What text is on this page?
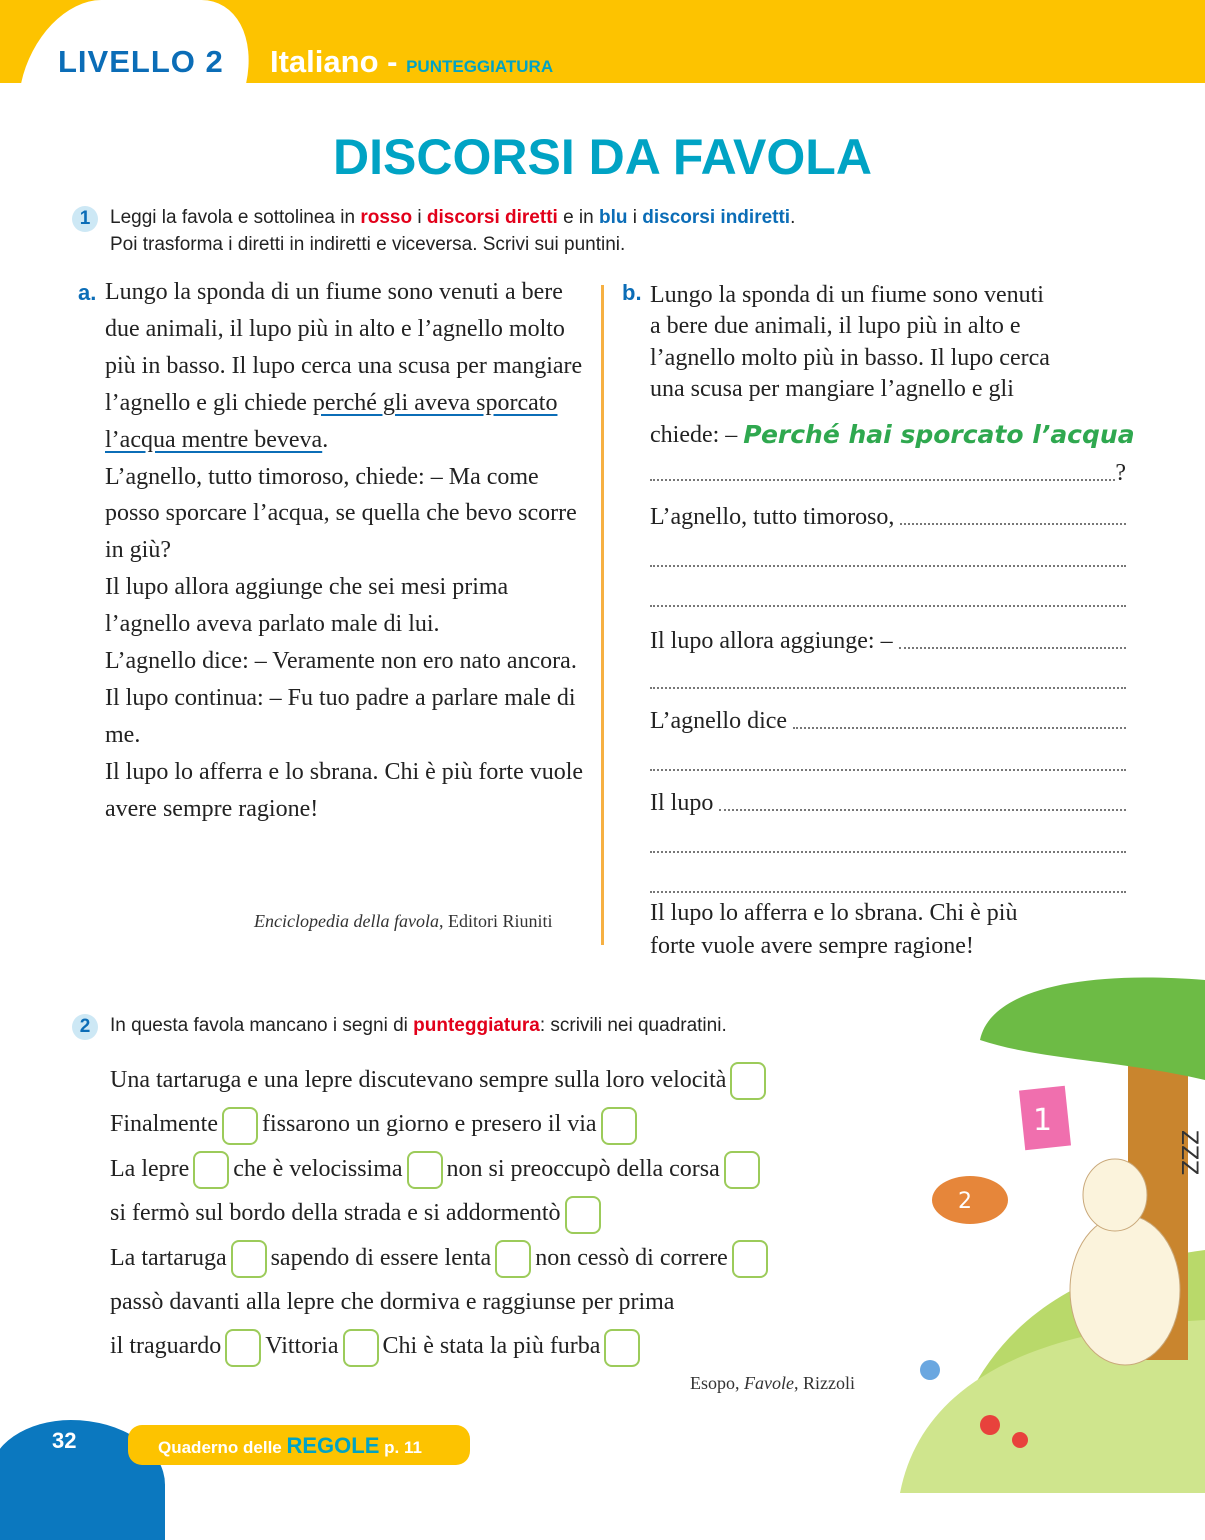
LIVELLO 2 Italiano - PUNTEGGIATURA
DISCORSI DA FAVOLA
1	Leggi la favola e sottolinea in rosso i discorsi diretti e in blu i discorsi indiretti.
Poi trasforma i diretti in indiretti e viceversa. Scrivi sui puntini.
a. Lungo la sponda di un fiume sono venuti a bere due animali, il lupo più in alto e l’agnello molto più in basso. Il lupo cerca una scusa per mangiare l’agnello e gli chiede perché gli aveva sporcato l’acqua mentre beveva.

L’agnello, tutto timoroso, chiede: – Ma come posso sporcare l’acqua, se quella che bevo scorre in giù?

Il lupo allora aggiunge che sei mesi prima l’agnello aveva parlato male di lui.

L’agnello dice: – Veramente non ero nato ancora.

Il lupo continua: – Fu tuo padre a parlare male di me.

Il lupo lo afferra e lo sbrana. Chi è più forte vuole avere sempre ragione!

Enciclopedia della favola, Editori Riuniti
b. Lungo la sponda di un fiume sono venuti
a bere due animali, il lupo più in alto e
l’agnello molto più in basso. Il lupo cerca
una scusa per mangiare l’agnello e gli
chiede: – Perché hai sporcato l’acqua
?
L’agnello, tutto timoroso,
Il lupo allora aggiunge: –
L’agnello dice
Il lupo
Il lupo lo afferra e lo sbrana. Chi è più
forte vuole avere sempre ragione!
2	In questa favola mancano i segni di punteggiatura: scrivili nei quadratini.
Una tartaruga e una lepre discutevano sempre sulla loro velocità
Finalmente fissarono un giorno e presero il via
La lepre che è velocissima non si preoccupò della corsa
si fermò sul bordo della strada e si addormentò
La tartaruga sapendo di essere lenta non cessò di correre
passò davanti alla lepre che dormiva e raggiunse per prima
il traguardo Vittoria Chi è stata la più furba
Esopo, Favole, Rizzoli
1
ZZZ
2
32	Quaderno delle REGOLE p. 11
